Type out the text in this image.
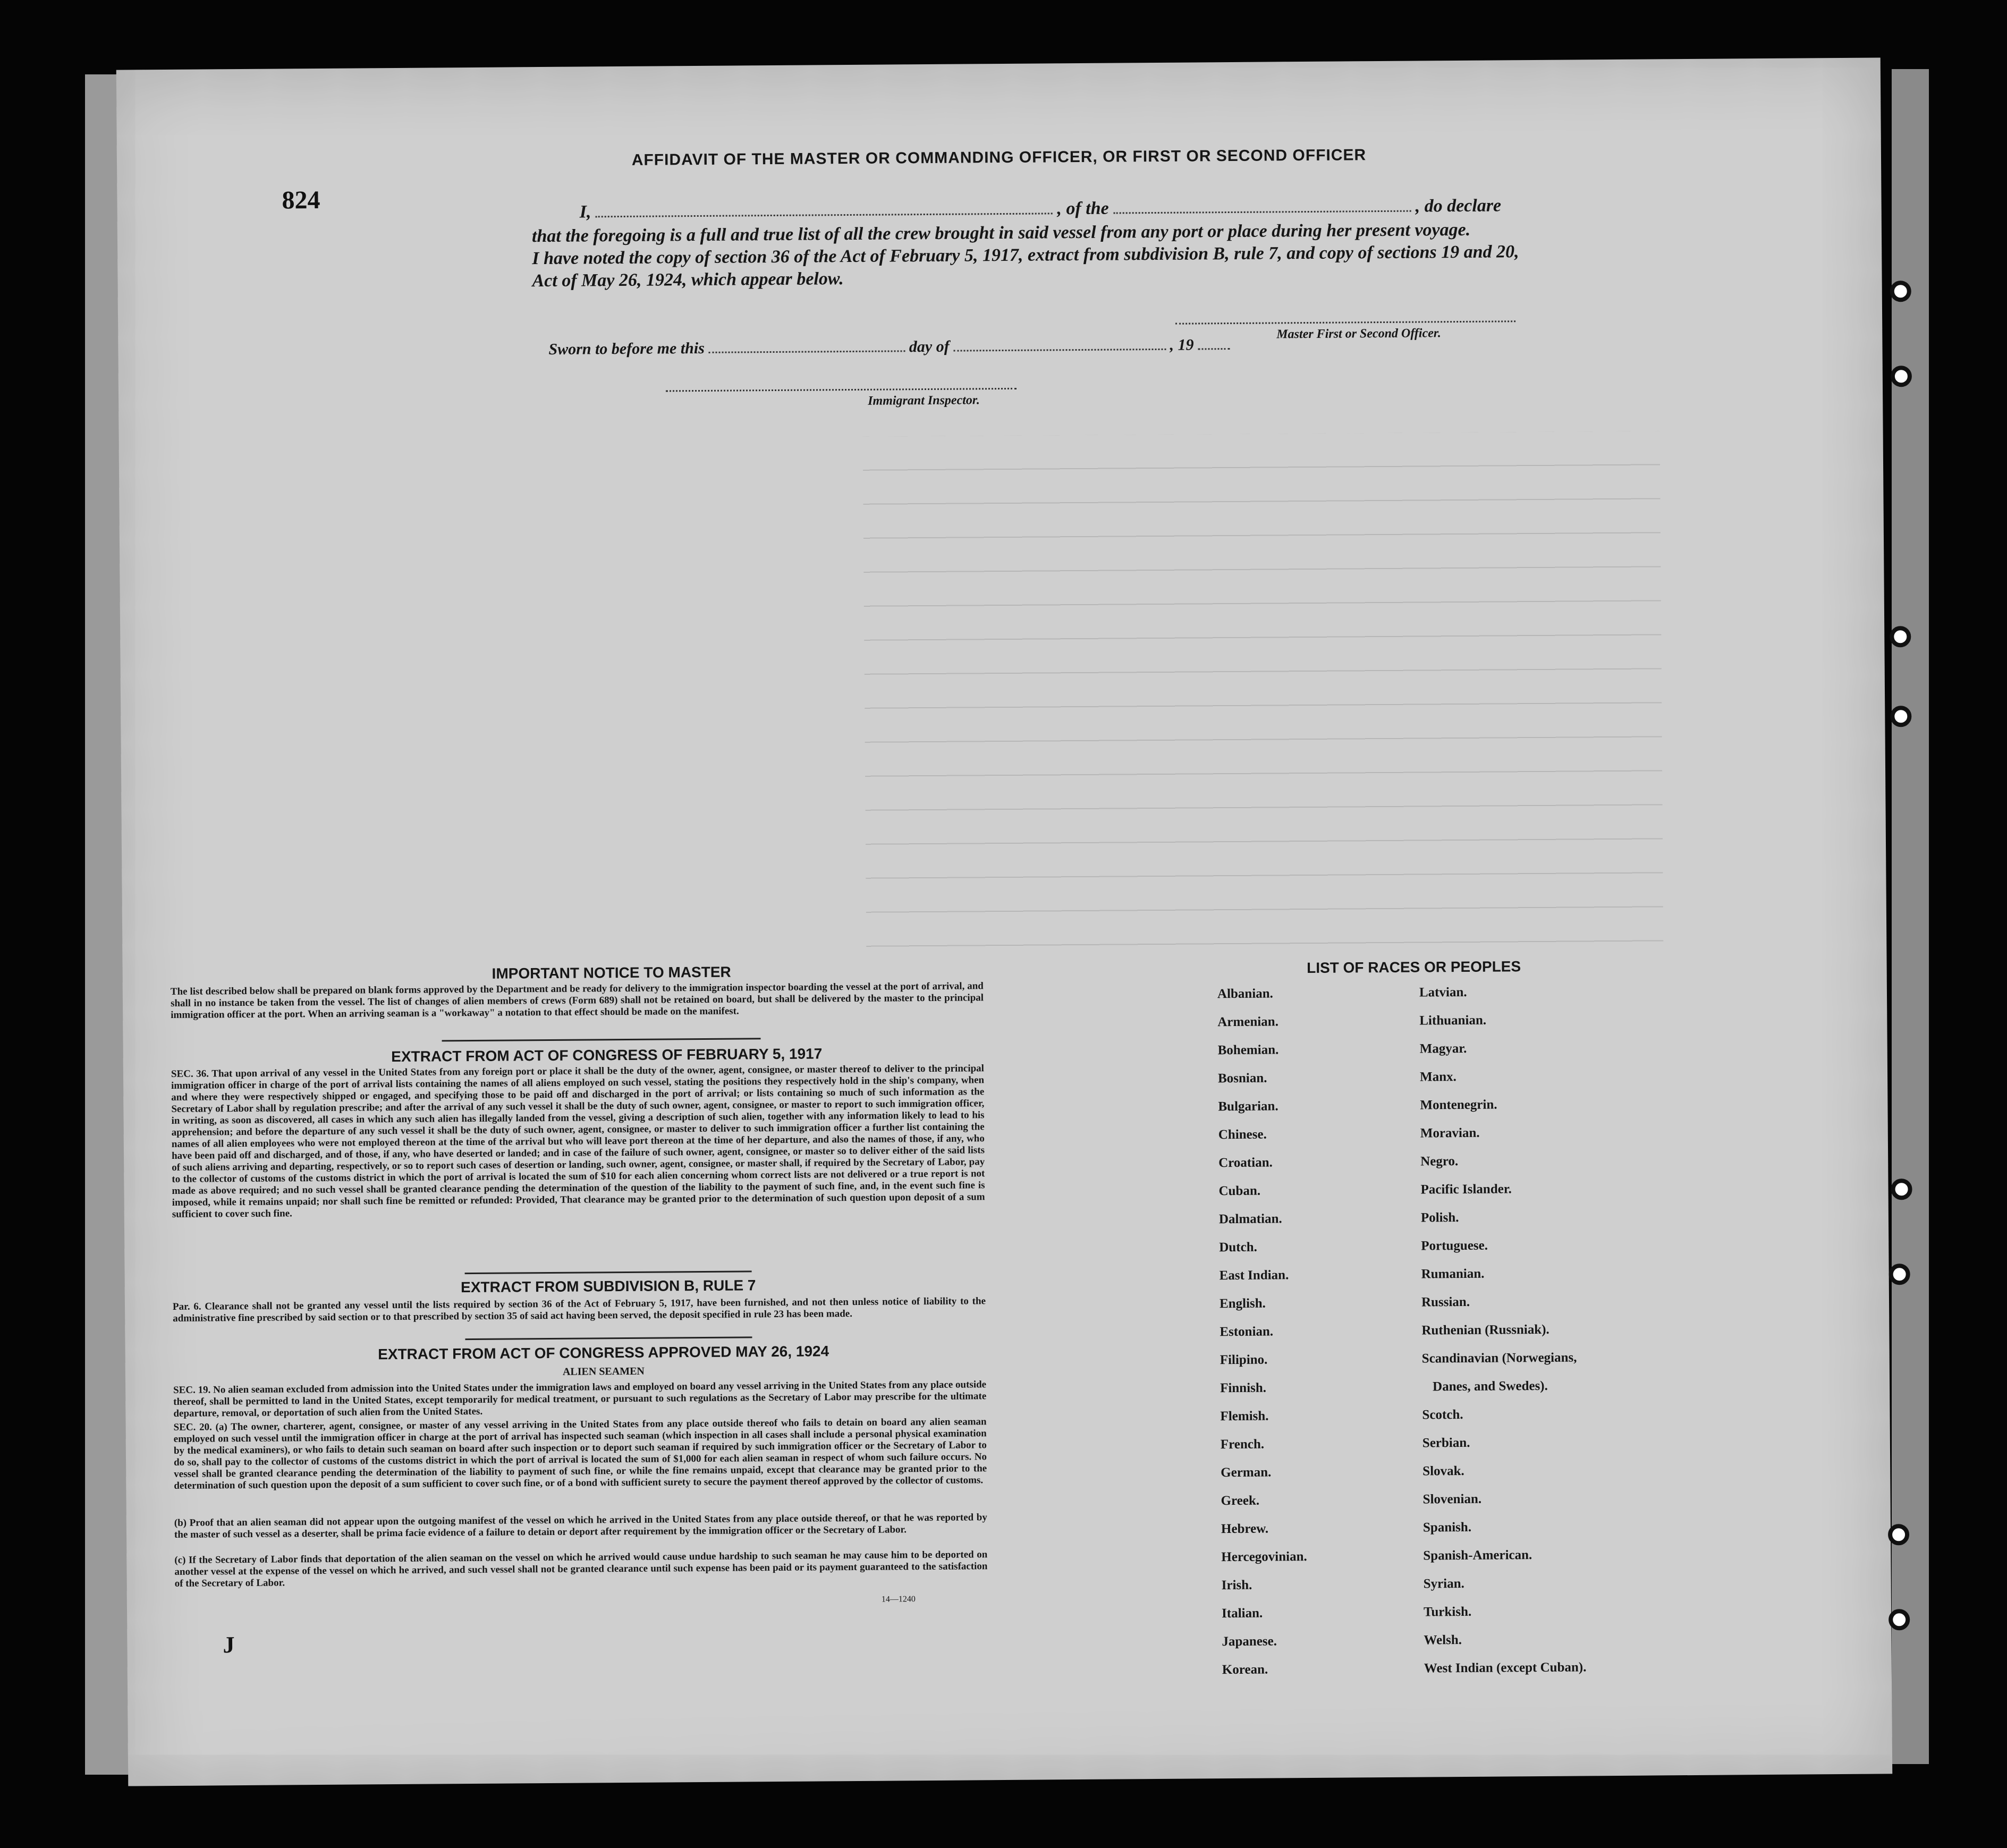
AFFIDAVIT OF THE MASTER OR COMMANDING OFFICER, OR FIRST OR SECOND OFFICER
824	I,	, of the	, do declare
that the foregoing is a full and true list of all the crew brought in said vessel from any port or place during her present voyage.
I have noted the copy of section 36 of the Act of February 5, 1917, extract from subdivision B, rule 7, and copy of sections 19 and 20,
Act of May 26, 1924, which appear below.
Master First or Second Officer.
Sworn to before me this	day of	, 19
Immigrant Inspector.
IMPORTANT NOTICE TO MASTER
The list described below shall be prepared on blank forms approved by the Department and be ready for delivery to the immigration inspector boarding the vessel at the port of arrival, and shall in no instance be taken from the vessel. The list of changes of alien members of crews (Form 689) shall not be retained on board, but shall be delivered by the master to the principal immigration officer at the port. When an arriving seaman is a "workaway" a notation to that effect should be made on the manifest.
EXTRACT FROM ACT OF CONGRESS OF FEBRUARY 5, 1917
SEC. 36. That upon arrival of any vessel in the United States from any foreign port or place it shall be the duty of the owner, agent, consignee, or master thereof to deliver to the principal immigration officer in charge of the port of arrival lists containing the names of all aliens employed on such vessel, stating the positions they respectively hold in the ship's company, when and where they were respectively shipped or engaged, and specifying those to be paid off and discharged in the port of arrival; or lists containing so much of such information as the Secretary of Labor shall by regulation prescribe; and after the arrival of any such vessel it shall be the duty of such owner, agent, consignee, or master to report to such immigration officer, in writing, as soon as discovered, all cases in which any such alien has illegally landed from the vessel, giving a description of such alien, together with any information likely to lead to his apprehension; and before the departure of any such vessel it shall be the duty of such owner, agent, consignee, or master to deliver to such immigration officer a further list containing the names of all alien employees who were not employed thereon at the time of the arrival but who will leave port thereon at the time of her departure, and also the names of those, if any, who have been paid off and discharged, and of those, if any, who have deserted or landed; and in case of the failure of such owner, agent, consignee, or master so to deliver either of the said lists of such aliens arriving and departing, respectively, or so to report such cases of desertion or landing, such owner, agent, consignee, or master shall, if required by the Secretary of Labor, pay to the collector of customs of the customs district in which the port of arrival is located the sum of $10 for each alien concerning whom correct lists are not delivered or a true report is not made as above required; and no such vessel shall be granted clearance pending the determination of the question of the liability to the payment of such fine, and, in the event such fine is imposed, while it remains unpaid; nor shall such fine be remitted or refunded: Provided, That clearance may be granted prior to the determination of such question upon deposit of a sum sufficient to cover such fine.
EXTRACT FROM SUBDIVISION B, RULE 7
Par. 6. Clearance shall not be granted any vessel until the lists required by section 36 of the Act of February 5, 1917, have been furnished, and not then unless notice of liability to the administrative fine prescribed by said section or to that prescribed by section 35 of said act having been served, the deposit specified in rule 23 has been made.
EXTRACT FROM ACT OF CONGRESS APPROVED MAY 26, 1924
ALIEN SEAMEN
SEC. 19. No alien seaman excluded from admission into the United States under the immigration laws and employed on board any vessel arriving in the United States from any place outside thereof, shall be permitted to land in the United States, except temporarily for medical treatment, or pursuant to such regulations as the Secretary of Labor may prescribe for the ultimate departure, removal, or deportation of such alien from the United States.
SEC. 20. (a) The owner, charterer, agent, consignee, or master of any vessel arriving in the United States from any place outside thereof who fails to detain on board any alien seaman employed on such vessel until the immigration officer in charge at the port of arrival has inspected such seaman (which inspection in all cases shall include a personal physical examination by the medical examiners), or who fails to detain such seaman on board after such inspection or to deport such seaman if required by such immigration officer or the Secretary of Labor to do so, shall pay to the collector of customs of the customs district in which the port of arrival is located the sum of $1,000 for each alien seaman in respect of whom such failure occurs. No vessel shall be granted clearance pending the determination of the liability to payment of such fine, or while the fine remains unpaid, except that clearance may be granted prior to the determination of such question upon the deposit of a sum sufficient to cover such fine, or of a bond with sufficient surety to secure the payment thereof approved by the collector of customs.
(b) Proof that an alien seaman did not appear upon the outgoing manifest of the vessel on which he arrived in the United States from any place outside thereof, or that he was reported by the master of such vessel as a deserter, shall be prima facie evidence of a failure to detain or deport after requirement by the immigration officer or the Secretary of Labor.
(c) If the Secretary of Labor finds that deportation of the alien seaman on the vessel on which he arrived would cause undue hardship to such seaman he may cause him to be deported on another vessel at the expense of the vessel on which he arrived, and such vessel shall not be granted clearance until such expense has been paid or its payment guaranteed to the satisfaction of the Secretary of Labor.
14—1240
J
LIST OF RACES OR PEOPLES
Albanian.
Armenian.
Bohemian.
Bosnian.
Bulgarian.
Chinese.
Croatian.
Cuban.
Dalmatian.
Dutch.
East Indian.
English.
Estonian.
Filipino.
Finnish.
Flemish.
French.
German.
Greek.
Hebrew.
Hercegovinian.
Irish.
Italian.
Japanese.
Korean.
Latvian.
Lithuanian.
Magyar.
Manx.
Montenegrin.
Moravian.
Negro.
Pacific Islander.
Polish.
Portuguese.
Rumanian.
Russian.
Ruthenian (Russniak).
Scandinavian (Norwegians,
Danes, and Swedes).
Scotch.
Serbian.
Slovak.
Slovenian.
Spanish.
Spanish-American.
Syrian.
Turkish.
Welsh.
West Indian (except Cuban).
